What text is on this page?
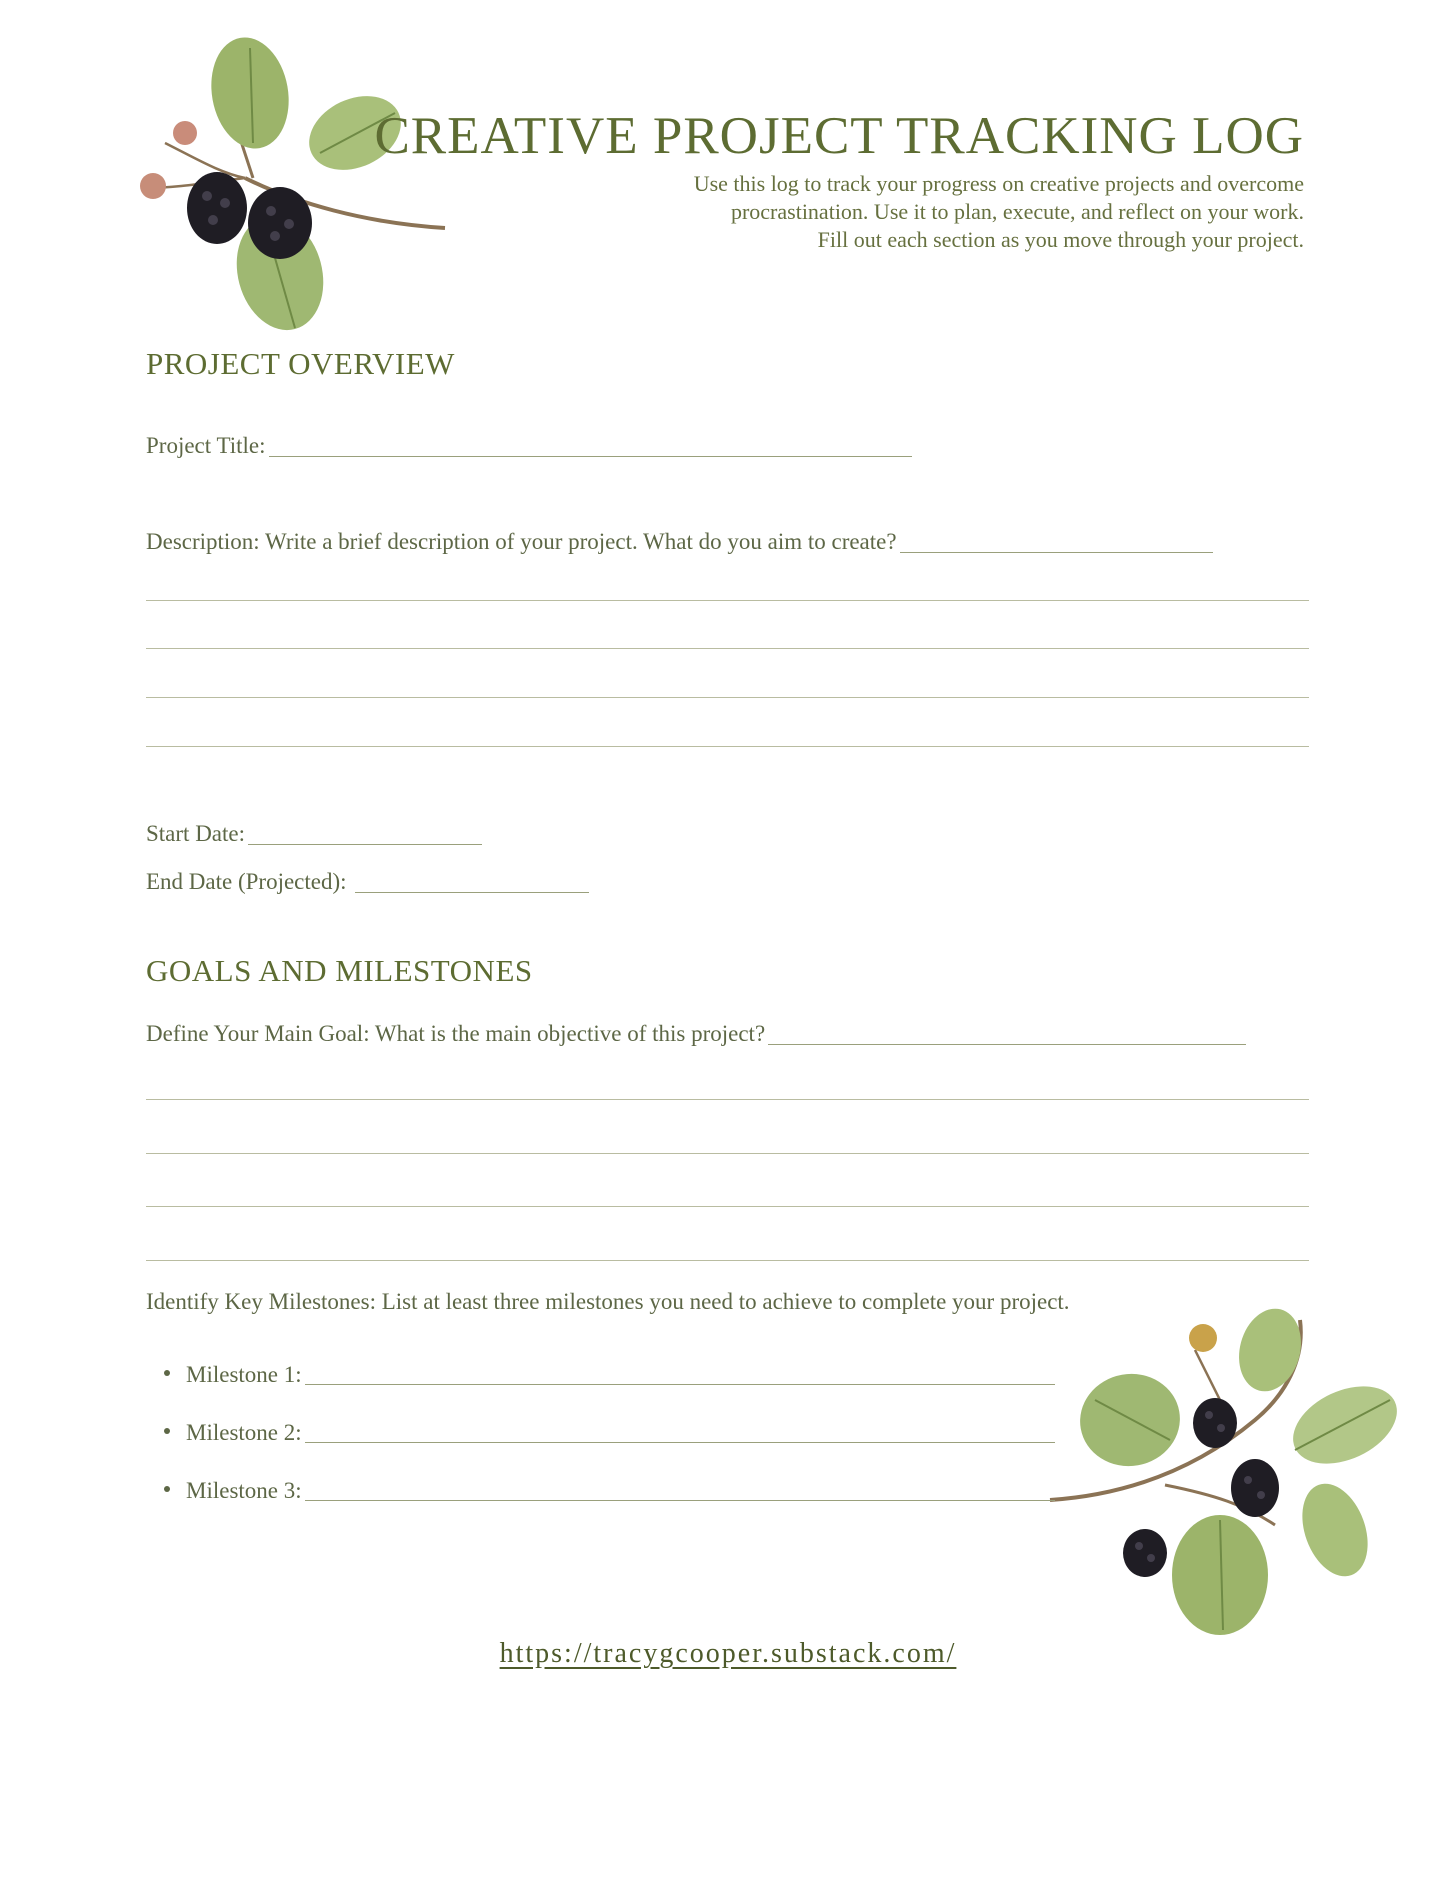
CREATIVE PROJECT TRACKING LOG
Use this log to track your progress on creative projects and overcome
procrastination. Use it to plan, execute, and reflect on your work.
Fill out each section as you move through your project.
PROJECT OVERVIEW
Project Title:
Description: Write a brief description of your project. What do you aim to create?
Start Date:
End Date (Projected):
GOALS AND MILESTONES
Define Your Main Goal: What is the main objective of this project?
Identify Key Milestones: List at least three milestones you need to achieve to complete your project.
Milestone 1:
Milestone 2:
Milestone 3:
https://tracygcooper.substack.com/
